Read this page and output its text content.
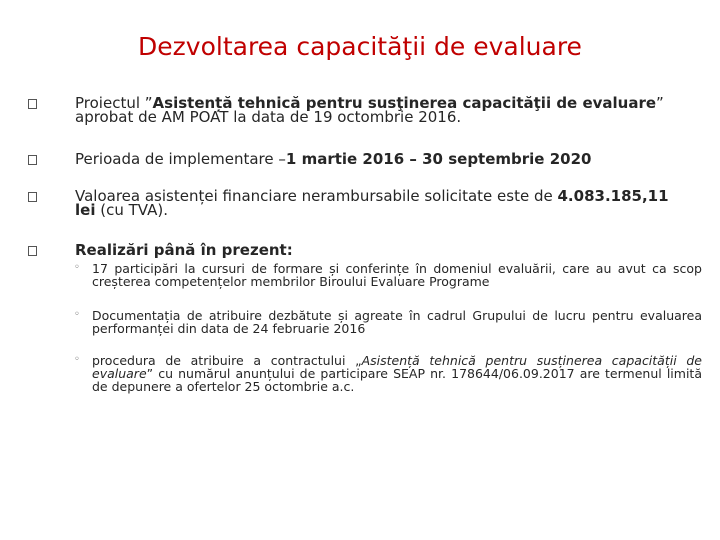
Dezvoltarea capacităţii de evaluare
Proiectul ”Asistență tehnică pentru susţinerea capacităţii de evaluare” aprobat de AM POAT la data de 19 octombrie 2016.
Perioada de implementare –1 martie 2016 – 30 septembrie 2020
Valoarea asistenței financiare nerambursabile solicitate este de 4.083.185,11 lei (cu TVA).
Realizări până în prezent:
◦ 17 participări la cursuri de formare și conferințe în domeniul evaluării, care au avut ca scop creșterea competențelor membrilor Biroului Evaluare Programe
◦ Documentația de atribuire dezbătute și agreate în cadrul Grupului de lucru pentru evaluarea performanței din data de 24 februarie 2016
◦ procedura de atribuire a contractului „Asistență tehnică pentru susținerea capacității de evaluare” cu numărul anunțului de participare SEAP nr. 178644/06.09.2017 are termenul limită de depunere a ofertelor 25 octombrie a.c.
